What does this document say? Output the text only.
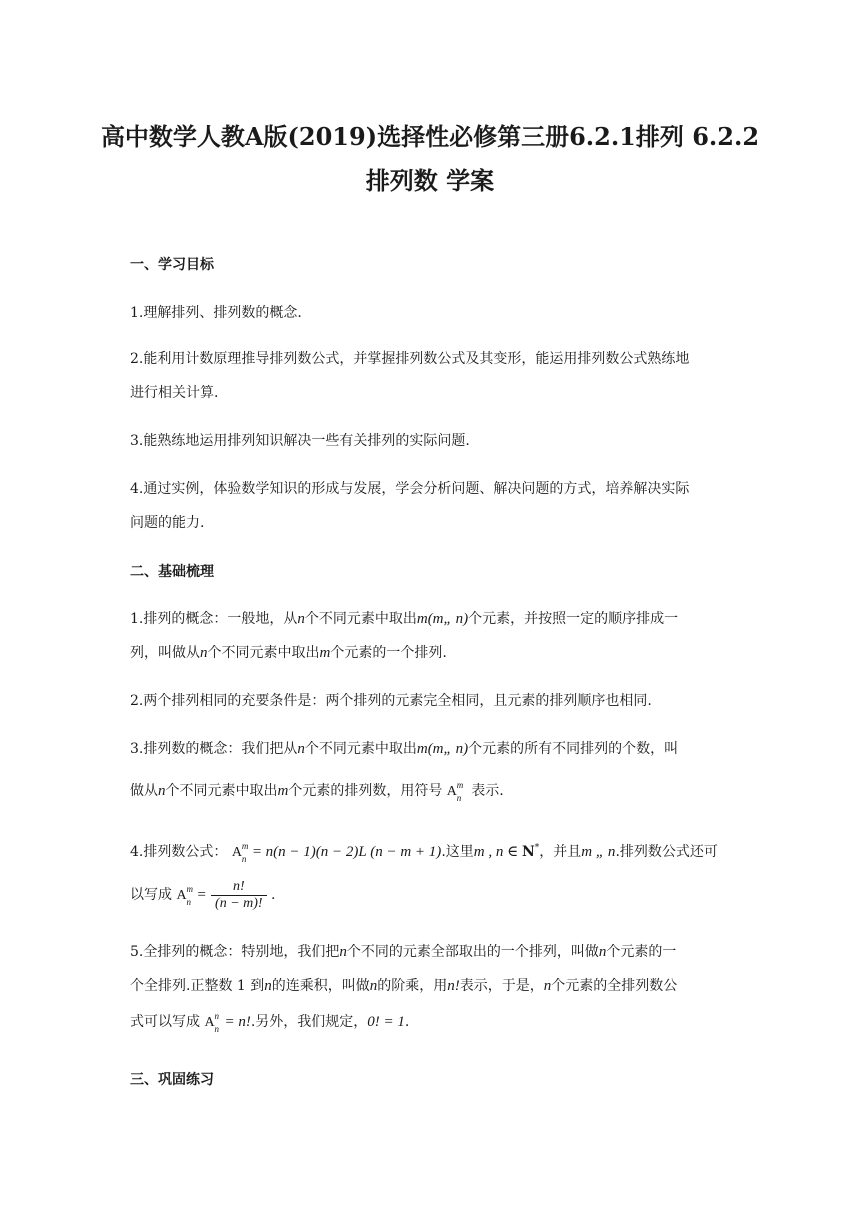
高中数学人教A版(2019)选择性必修第三册6.2.1排列 6.2.2
排列数 学案
一、学习目标

1.理解排列、排列数的概念.

2.能利用计数原理推导排列数公式，并掌握排列数公式及其变形，能运用排列数公式熟练地

进行相关计算.

3.能熟练地运用排列知识解决一些有关排列的实际问题.

4.通过实例，体验数学知识的形成与发展，学会分析问题、解决问题的方式，培养解决实际

问题的能力.

二、基础梳理

1.排列的概念：一般地，从n个不同元素中取出m(m„ n)个元素，并按照一定的顺序排成一

列，叫做从n个不同元素中取出m个元素的一个排列.

2.两个排列相同的充要条件是：两个排列的元素完全相同，且元素的排列顺序也相同.

3.排列数的概念：我们把从n个不同元素中取出m(m„ n)个元素的所有不同排列的个数，叫

做从n个不同元素中取出m个元素的排列数，用符号 A m
n 表示.

4.排列数公式： A m
n = n(n − 1)(n − 2)L (n − m + 1).这里m , n ∈ N*，并且m „ n.排列数公式还可

以写成 A m
$n = \frac{n!}{(n - m)!}$ .

5.全排列的概念：特别地，我们把n个不同的元素全部取出的一个排列，叫做n个元素的一

个全排列.正整数 1 到n的连乘积，叫做n的阶乘，用n!表示，于是，n个元素的全排列数公

式可以写成 A n
n = n!.另外，我们规定，0! = 1.

三、巩固练习
